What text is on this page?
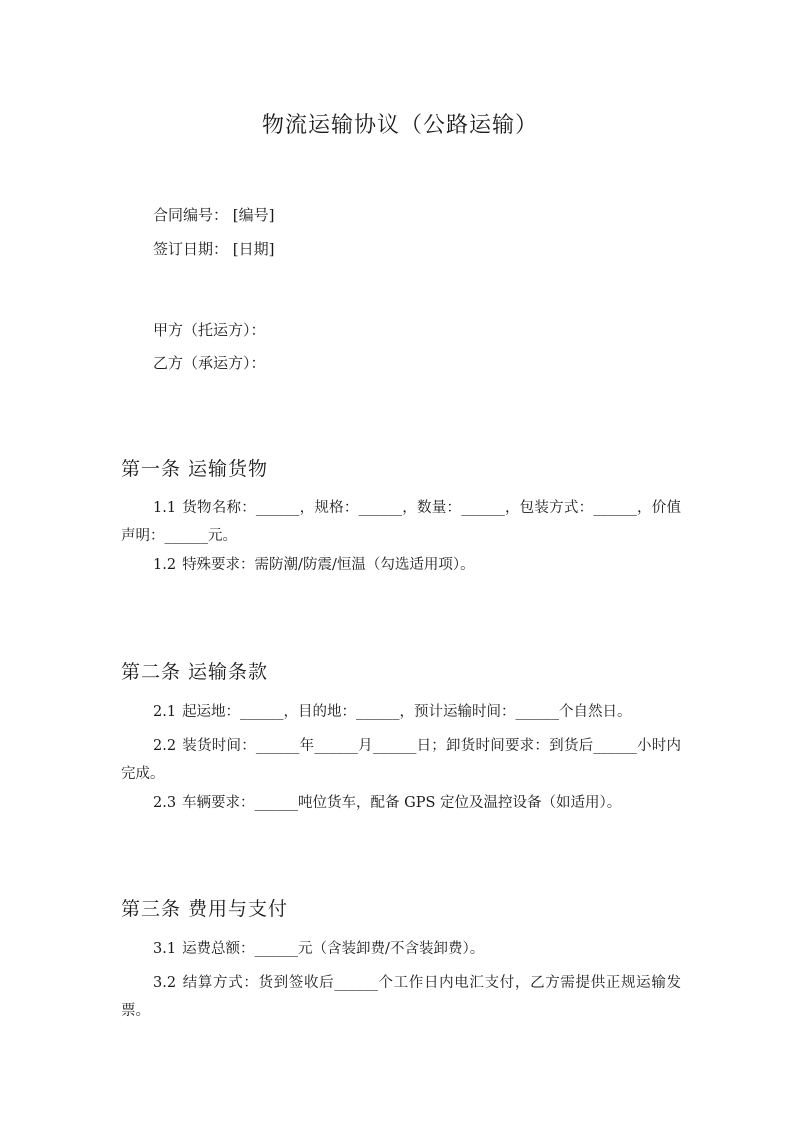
物流运输协议（公路运输）
合同编号： [编号]
签订日期： [日期]
甲方（托运方）：
乙方（承运方）：
第一条 运输货物
1.1 货物名称：______，规格：______，数量：______，包装方式：______，价值声明：______元。
1.2 特殊要求：需防潮/防震/恒温（勾选适用项）。
第二条 运输条款
2.1 起运地：______，目的地：______，预计运输时间：______个自然日。
2.2 装货时间：______年______月______日；卸货时间要求：到货后______小时内完成。
2.3 车辆要求：______吨位货车，配备 GPS 定位及温控设备（如适用）。
第三条 费用与支付
3.1 运费总额：______元（含装卸费/不含装卸费）。
3.2 结算方式：货到签收后______个工作日内电汇支付，乙方需提供正规运输发票。
